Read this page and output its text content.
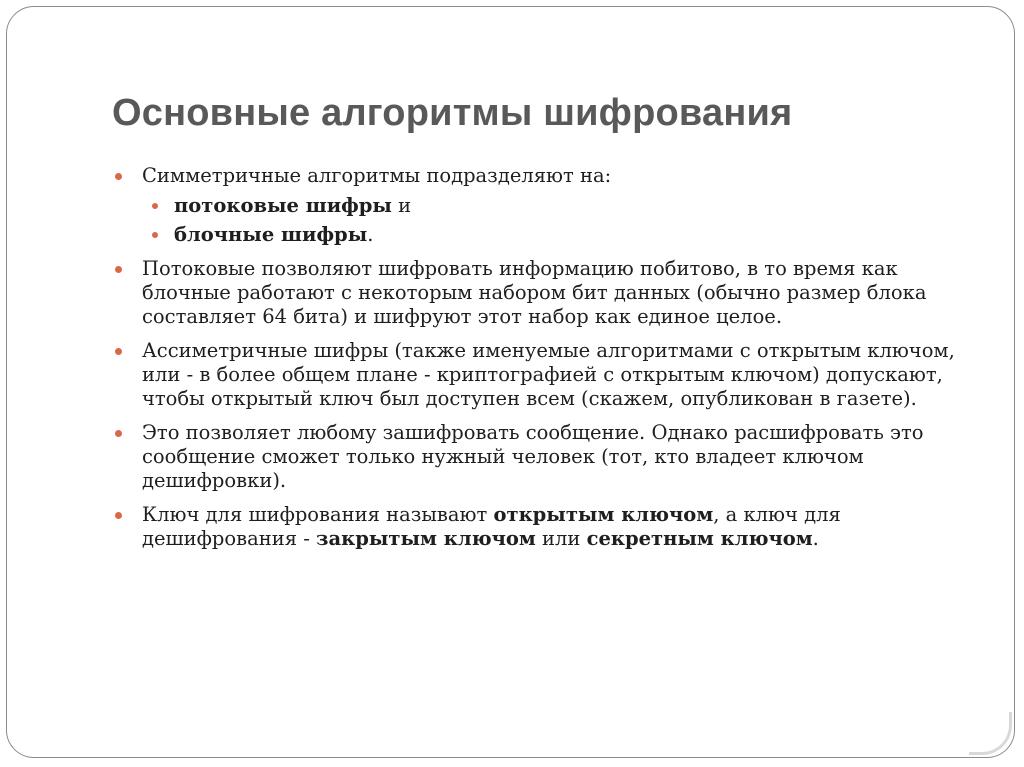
Основные алгоритмы шифрования
Симметричные алгоритмы подразделяют на:
потоковые шифры и
блочные шифры.
Потоковые позволяют шифровать информацию побитово, в то время как блочные работают с некоторым набором бит данных (обычно размер блока составляет 64 бита) и шифруют этот набор как единое целое.
Ассиметричные шифры (также именуемые алгоритмами с открытым ключом, или - в более общем плане - криптографией с открытым ключом) допускают, чтобы открытый ключ был доступен всем (скажем, опубликован в газете).
Это позволяет любому зашифровать сообщение. Однако расшифровать это сообщение сможет только нужный человек (тот, кто владеет ключом дешифровки).
Ключ для шифрования называют открытым ключом, а ключ для дешифрования - закрытым ключом или секретным ключом.
